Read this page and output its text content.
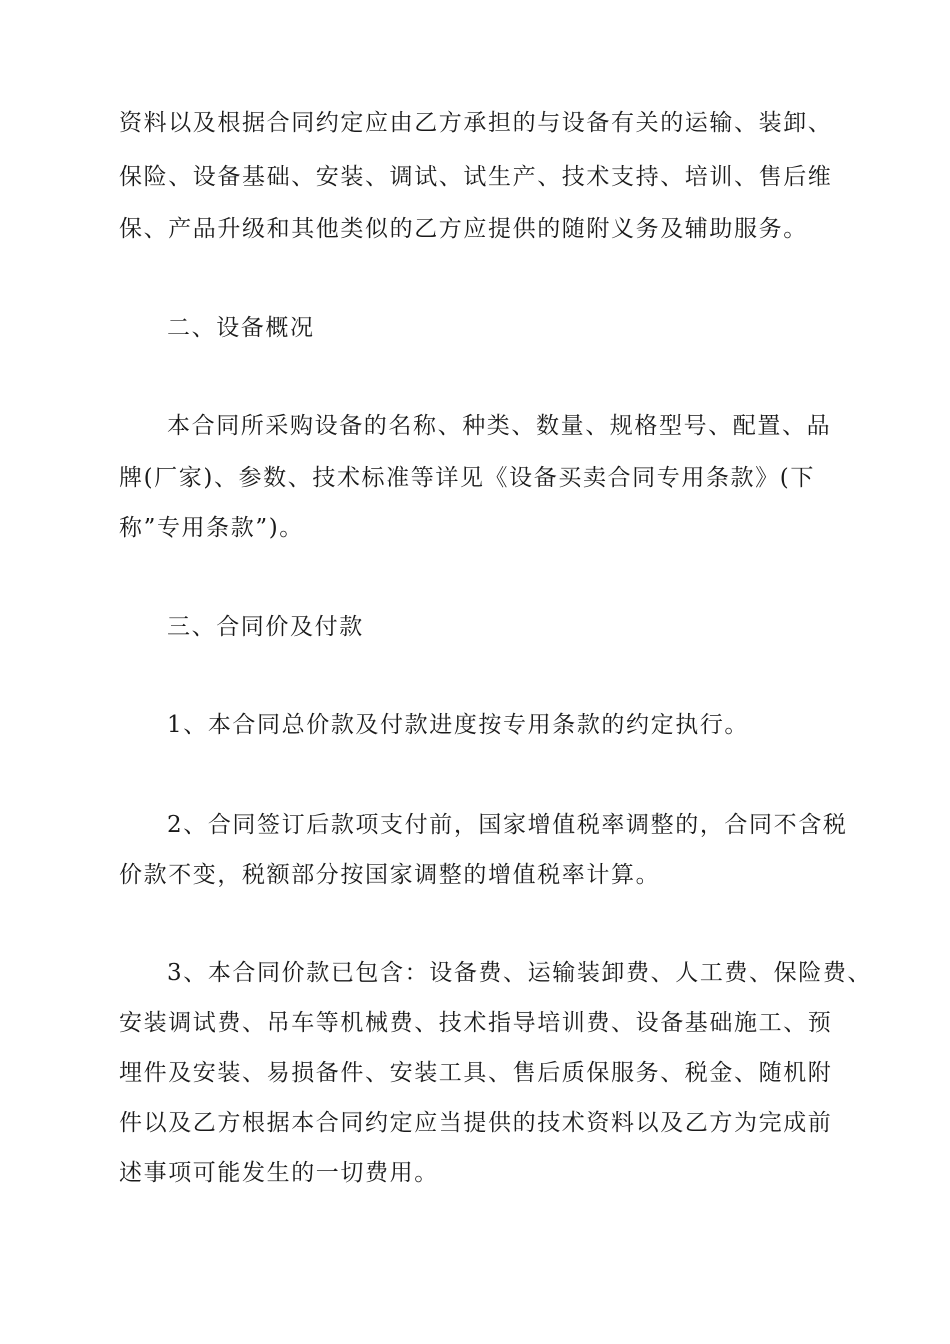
资料以及根据合同约定应由乙方承担的与设备有关的运输、装卸、
保险、设备基础、安装、调试、试生产、技术支持、培训、售后维
保、产品升级和其他类似的乙方应提供的随附义务及辅助服务。
二、设备概况
本合同所采购设备的名称、种类、数量、规格型号、配置、品
牌(厂家)、参数、技术标准等详见《设备买卖合同专用条款》(下
称”专用条款”)。
三、合同价及付款
1、本合同总价款及付款进度按专用条款的约定执行。
2、合同签订后款项支付前，国家增值税率调整的，合同不含税
价款不变，税额部分按国家调整的增值税率计算。
3、本合同价款已包含：设备费、运输装卸费、人工费、保险费、
安装调试费、吊车等机械费、技术指导培训费、设备基础施工、预
埋件及安装、易损备件、安装工具、售后质保服务、税金、随机附
件以及乙方根据本合同约定应当提供的技术资料以及乙方为完成前
述事项可能发生的一切费用。
